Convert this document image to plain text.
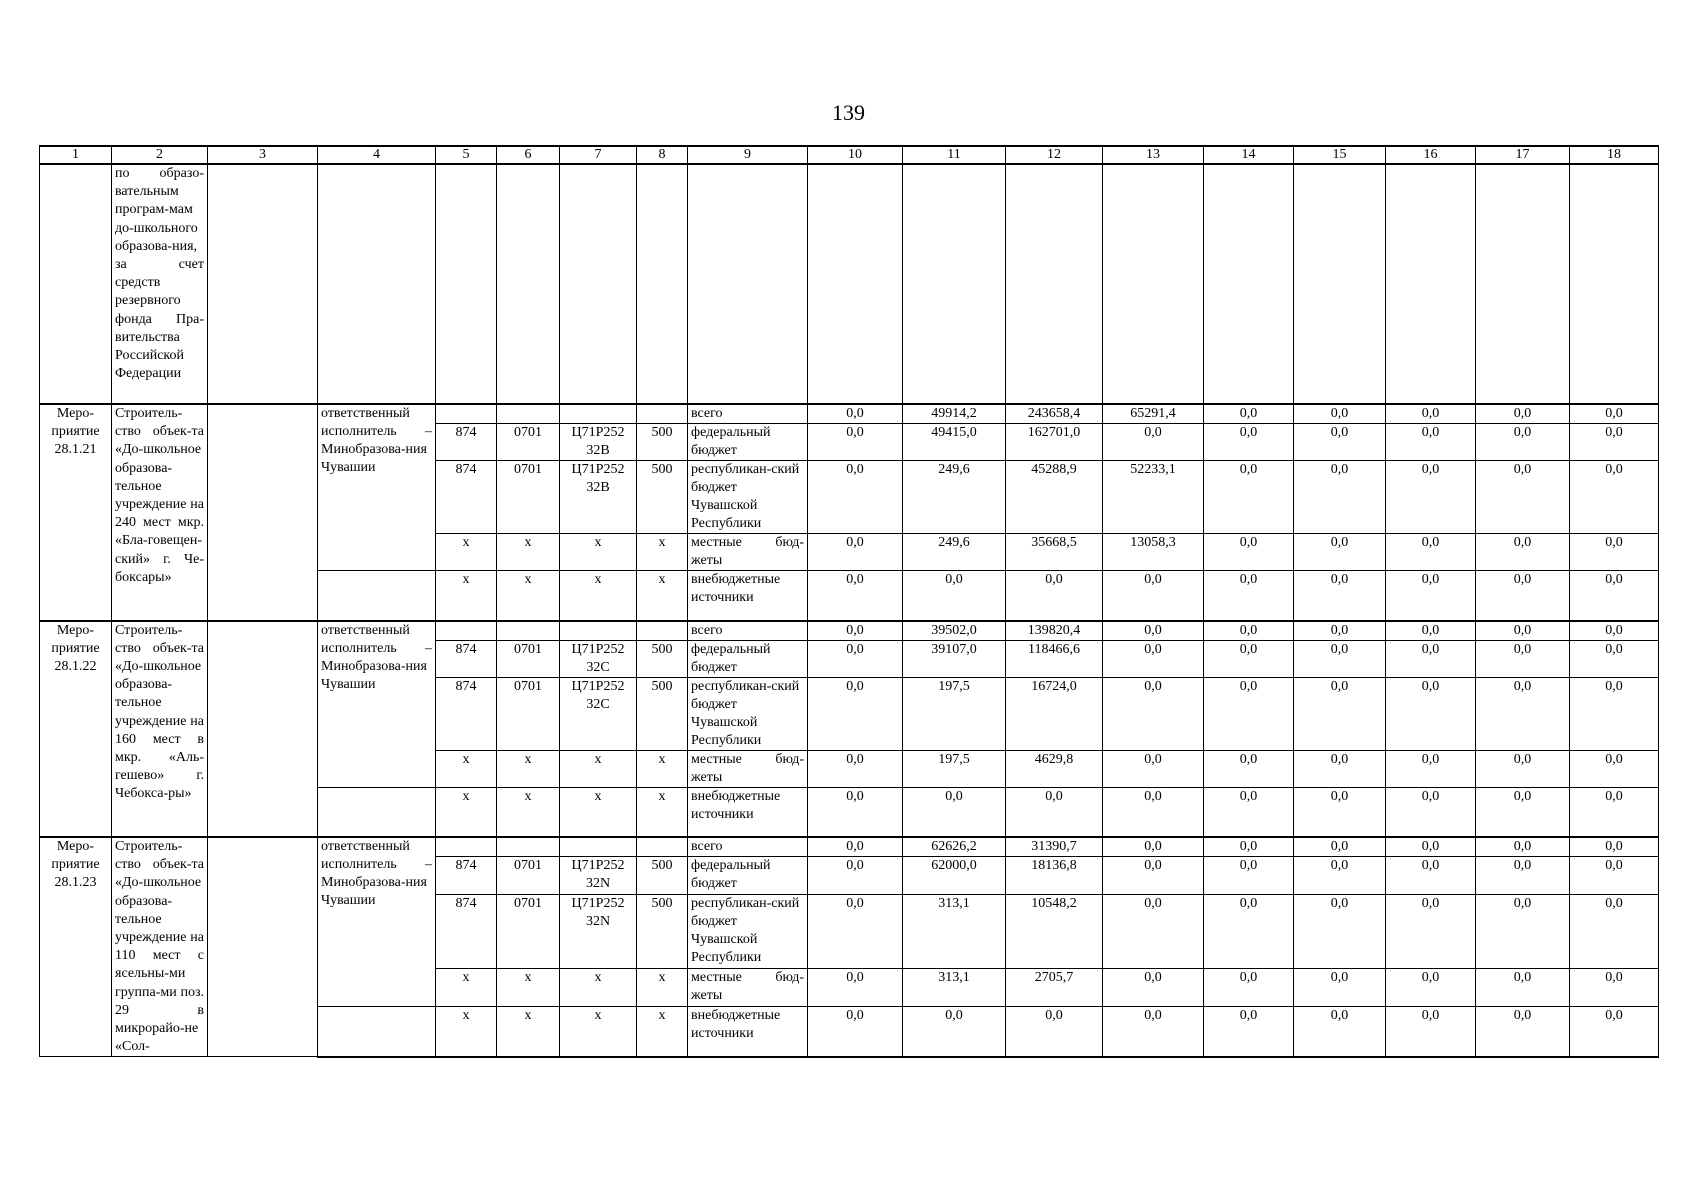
139
1	2	3	4	5	6	7	8	9	10	11	12	13	14	15	16	17	18
	по образо-вательным програм-мам до-школьного образова-ния, за счет средств резервного фонда Пра-вительства Российской Федерации																
Меро-приятие 28.1.21	Строитель-ство объек-та «До-школьное образова-тельное учреждение на 240 мест мкр. «Бла-говещен-ский» г. Че-боксары»		ответственный исполнитель – Минобразова-ния Чувашии					всего	0,0	49914,2	243658,4	65291,4	0,0	0,0	0,0	0,0	0,0
				874	0701	Ц71Р252 32В	500	федеральный бюджет	0,0	49415,0	162701,0	0,0	0,0	0,0	0,0	0,0	0,0
				874	0701	Ц71Р252 32В	500	республикан-ский бюджет Чувашской Республики	0,0	249,6	45288,9	52233,1	0,0	0,0	0,0	0,0	0,0
				x	x	x	x	местные бюд-жеты	0,0	249,6	35668,5	13058,3	0,0	0,0	0,0	0,0	0,0
				x	x	x	x	внебюджетные источники	0,0	0,0	0,0	0,0	0,0	0,0	0,0	0,0	0,0
Меро-приятие 28.1.22	Строитель-ство объек-та «До-школьное образова-тельное учреждение на 160 мест в мкр. «Аль-гешево» г. Чебокса-ры»		ответственный исполнитель – Минобразова-ния Чувашии					всего	0,0	39502,0	139820,4	0,0	0,0	0,0	0,0	0,0	0,0
				874	0701	Ц71Р252 32С	500	федеральный бюджет	0,0	39107,0	118466,6	0,0	0,0	0,0	0,0	0,0	0,0
				874	0701	Ц71Р252 32С	500	республикан-ский бюджет Чувашской Республики	0,0	197,5	16724,0	0,0	0,0	0,0	0,0	0,0	0,0
				x	x	x	x	местные бюд-жеты	0,0	197,5	4629,8	0,0	0,0	0,0	0,0	0,0	0,0
				x	x	x	x	внебюджетные источники	0,0	0,0	0,0	0,0	0,0	0,0	0,0	0,0	0,0
Меро-приятие 28.1.23	Строитель-ство объек-та «До-школьное образова-тельное учреждение на 110 мест с ясельны-ми группа-ми поз. 29 в микрорайо-не «Сол-		ответственный исполнитель – Минобразова-ния Чувашии					всего	0,0	62626,2	31390,7	0,0	0,0	0,0	0,0	0,0	0,0
				874	0701	Ц71Р252 32N	500	федеральный бюджет	0,0	62000,0	18136,8	0,0	0,0	0,0	0,0	0,0	0,0
				874	0701	Ц71Р252 32N	500	республикан-ский бюджет Чувашской Республики	0,0	313,1	10548,2	0,0	0,0	0,0	0,0	0,0	0,0
				x	x	x	x	местные бюд-жеты	0,0	313,1	2705,7	0,0	0,0	0,0	0,0	0,0	0,0
				x	x	x	x	внебюджетные источники	0,0	0,0	0,0	0,0	0,0	0,0	0,0	0,0	0,0
